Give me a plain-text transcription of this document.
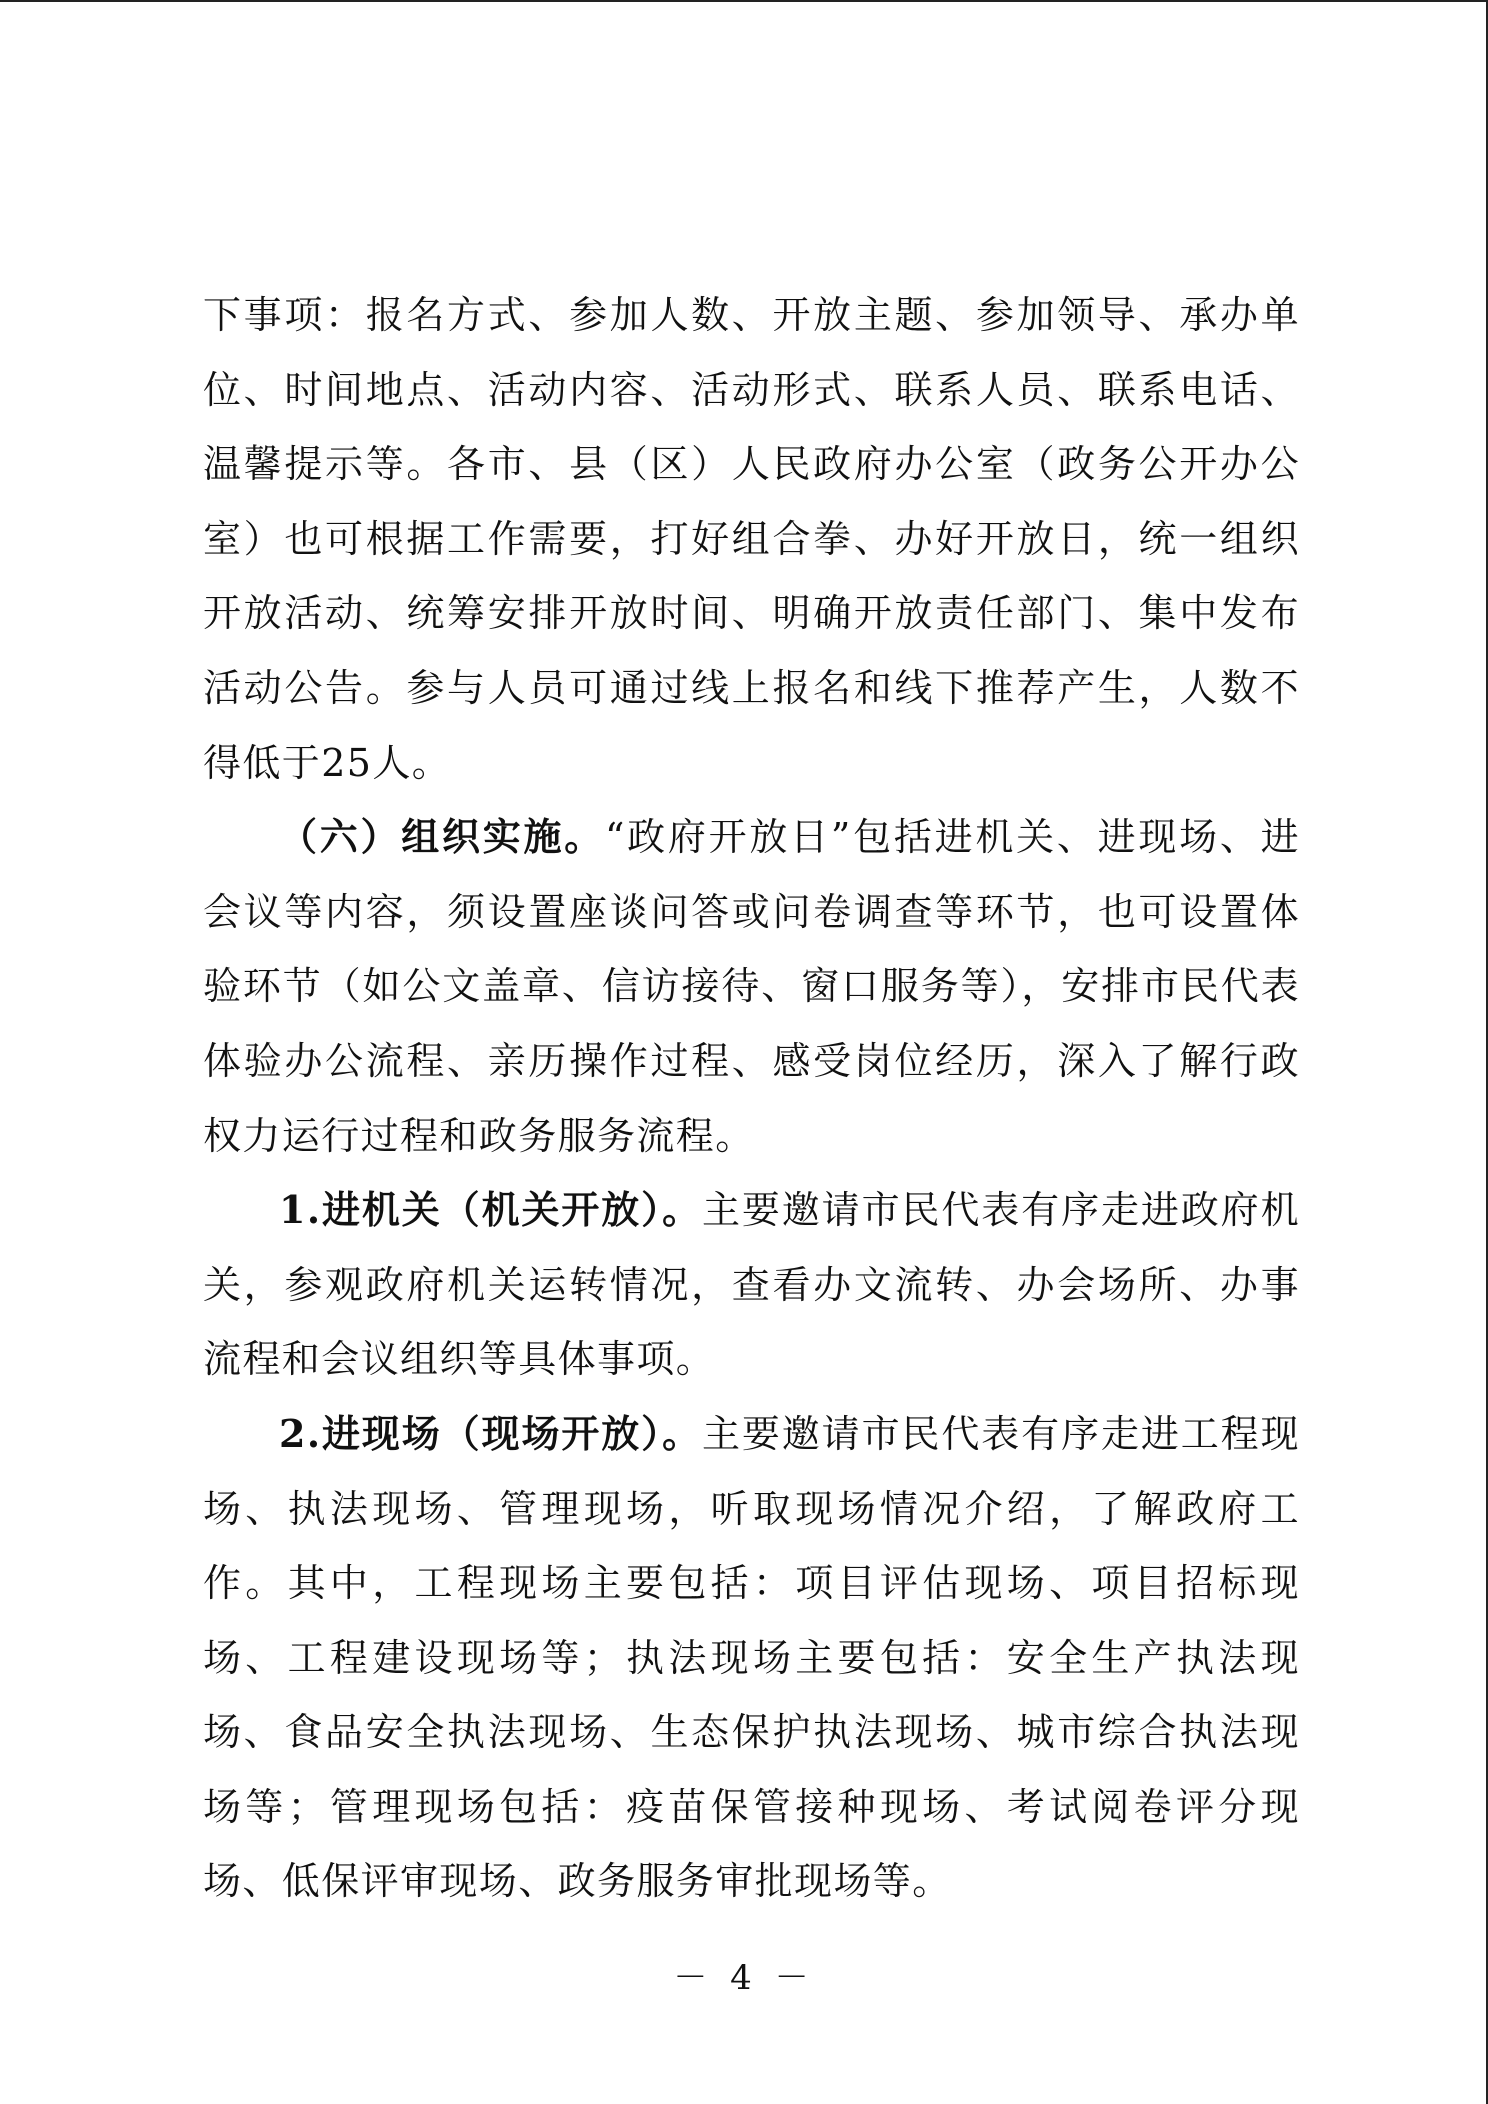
下事项：报名方式、参加人数、开放主题、参加领导、承办单位、时间地点、活动内容、活动形式、联系人员、联系电话、温馨提示等。各市、县（区）人民政府办公室（政务公开办公室）也可根据工作需要，打好组合拳、办好开放日，统一组织开放活动、统筹安排开放时间、明确开放责任部门、集中发布活动公告。参与人员可通过线上报名和线下推荐产生，人数不得低于25人。

（六）组织实施。“政府开放日”包括进机关、进现场、进会议等内容，须设置座谈问答或问卷调查等环节，也可设置体验环节（如公文盖章、信访接待、窗口服务等），安排市民代表体验办公流程、亲历操作过程、感受岗位经历，深入了解行政权力运行过程和政务服务流程。

1.进机关（机关开放）。主要邀请市民代表有序走进政府机关，参观政府机关运转情况，查看办文流转、办会场所、办事流程和会议组织等具体事项。

2.进现场（现场开放）。主要邀请市民代表有序走进工程现场、执法现场、管理现场，听取现场情况介绍，了解政府工作。其中，工程现场主要包括：项目评估现场、项目招标现场、工程建设现场等；执法现场主要包括：安全生产执法现场、食品安全执法现场、生态保护执法现场、城市综合执法现场等；管理现场包括：疫苗保管接种现场、考试阅卷评分现场、低保评审现场、政务服务审批现场等。

－ 4 －
